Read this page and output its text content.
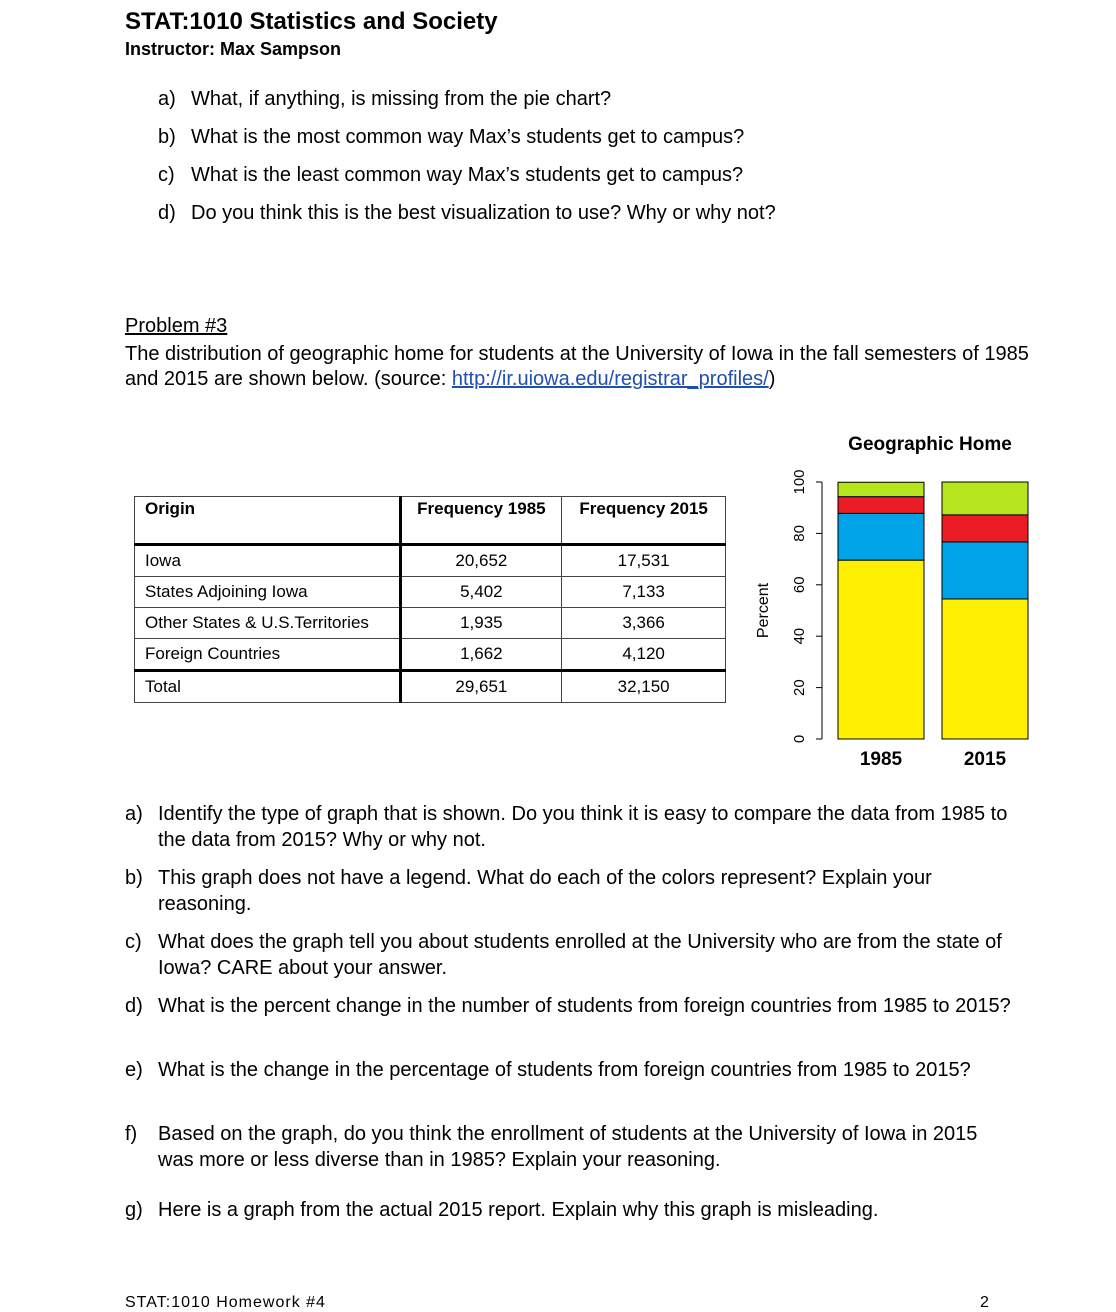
STAT:1010 Statistics and Society
Instructor: Max Sampson
a) What, if anything, is missing from the pie chart?
b) What is the most common way Max’s students get to campus?
c) What is the least common way Max’s students get to campus?
d) Do you think this is the best visualization to use? Why or why not?
Problem #3
The distribution of geographic home for students at the University of Iowa in the fall semesters of 1985 and 2015 are shown below. (source: http://ir.uiowa.edu/registrar_profiles/)
Origin	Frequency 1985	Frequency 2015
Iowa	20,652	17,531
States Adjoining Iowa	5,402	7,133
Other States & U.S.Territories	1,935	3,366
Foreign Countries	1,662	4,120
Total	29,651	32,150
Geographic Home
0
20
40
60
80
100
Percent
1985	2015
a) Identify the type of graph that is shown. Do you think it is easy to compare the data from 1985 to the data from 2015? Why or why not.
b) This graph does not have a legend. What do each of the colors represent? Explain your reasoning.
c) What does the graph tell you about students enrolled at the University who are from the state of Iowa? CARE about your answer.
d) What is the percent change in the number of students from foreign countries from 1985 to 2015?
e) What is the change in the percentage of students from foreign countries from 1985 to 2015?
f) Based on the graph, do you think the enrollment of students at the University of Iowa in 2015 was more or less diverse than in 1985? Explain your reasoning.
g) Here is a graph from the actual 2015 report. Explain why this graph is misleading.
STAT:1010 Homework #4	2
